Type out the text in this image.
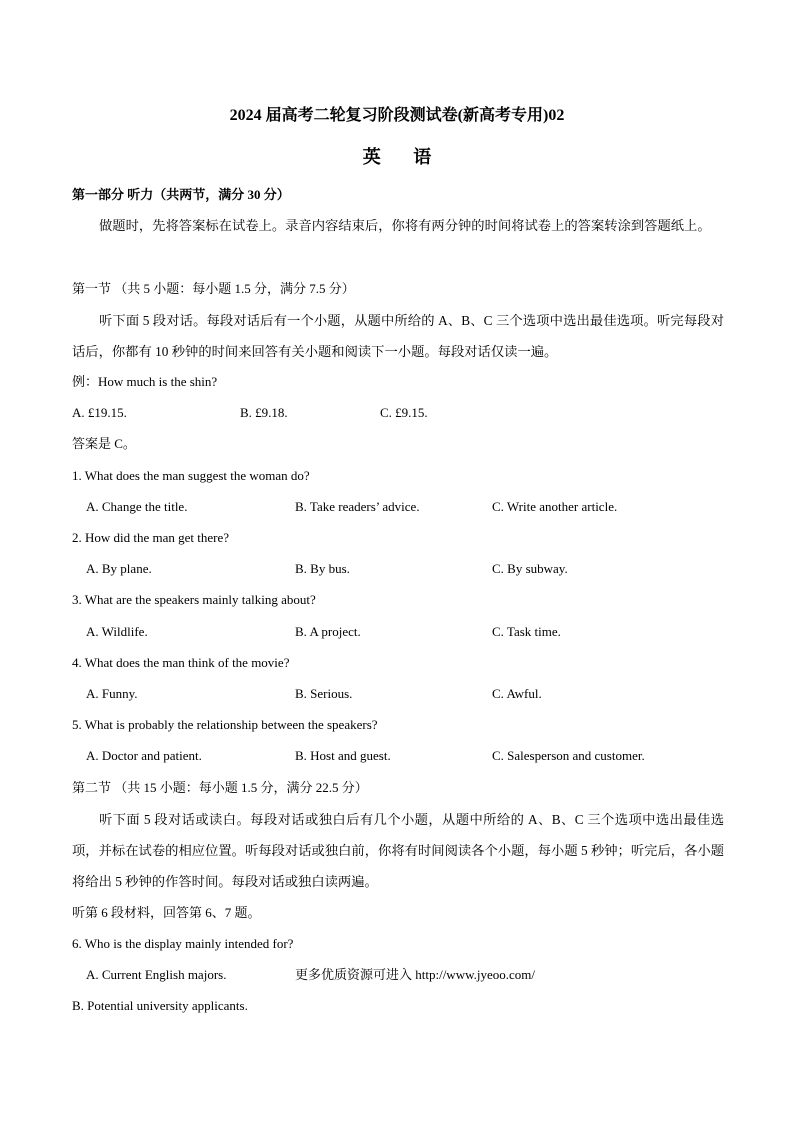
2024 届高考二轮复习阶段测试卷(新高考专用)02
英 语
第一部分 听力（共两节，满分 30 分）
做题时，先将答案标在试卷上。录音内容结束后，你将有两分钟的时间将试卷上的答案转涂到答题纸上。
第一节 （共 5 小题：每小题 1.5 分，满分 7.5 分）
听下面 5 段对话。每段对话后有一个小题，从题中所给的 A、B、C 三个选项中选出最佳选项。听完每段对话后，你都有 10 秒钟的时间来回答有关小题和阅读下一小题。每段对话仅读一遍。
例：How much is the shin?
A. £19.15.	B. £9.18.	C. £9.15.
答案是 C。
1. What does the man suggest the woman do?
A. Change the title.	B. Take readers’ advice.	C. Write another article.
2. How did the man get there?
A. By plane.	B. By bus.	C. By subway.
3. What are the speakers mainly talking about?
A. Wildlife.	B. A project.	C. Task time.
4. What does the man think of the movie?
A. Funny.	B. Serious.	C. Awful.
5. What is probably the relationship between the speakers?
A. Doctor and patient.	B. Host and guest.	C. Salesperson and customer.
第二节 （共 15 小题：每小题 1.5 分，满分 22.5 分）
听下面 5 段对话或读白。每段对话或独白后有几个小题，从题中所给的 A、B、C 三个选项中选出最佳选项，并标在试卷的相应位置。听每段对话或独白前，你将有时间阅读各个小题，每小题 5 秒钟；听完后，各小题将给出 5 秒钟的作答时间。每段对话或独白读两遍。
听第 6 段材料，回答第 6、7 题。
6. Who is the display mainly intended for?
A. Current English majors.	更多优质资源可进入 http://www.jyeoo.com/
B. Potential university applicants.
